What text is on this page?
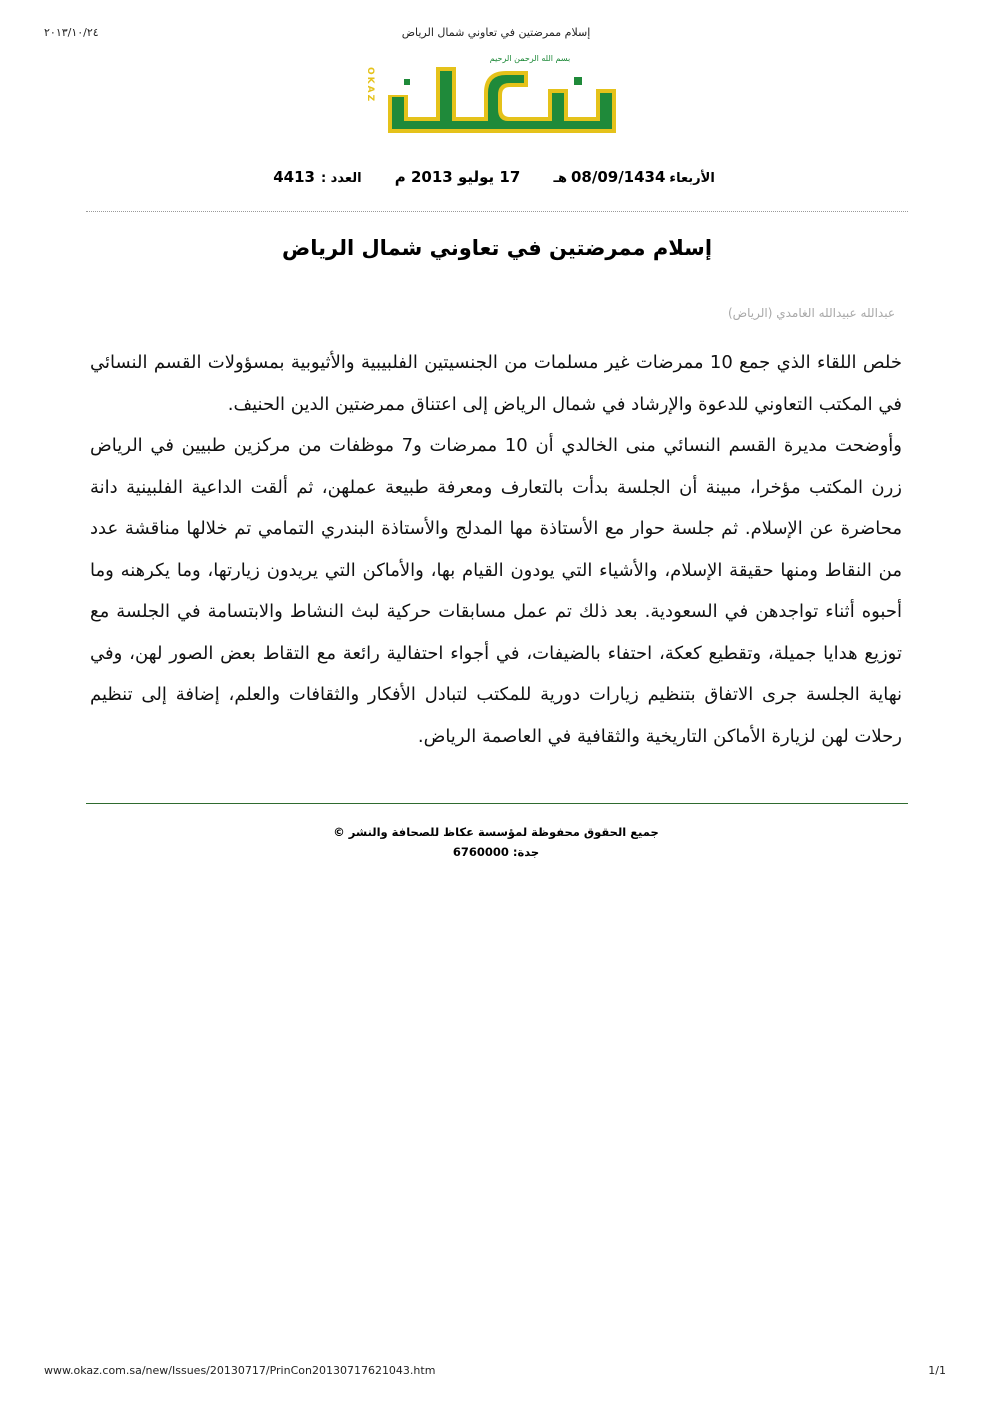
٢٠١٣/١٠/٢٤	إسلام ممرضتين في تعاوني شمال الرياض
OKAZ
بسم الله الرحمن الرحيم
الأربعاء08/09/1434هـ 17 يوليو 2013 م العدد :4413
إسلام ممرضتين في تعاوني شمال الرياض
عبدالله عبيدالله الغامدي (الرياض)

خلص اللقاء الذي جمع 10 ممرضات غير مسلمات من الجنسيتين الفلبيبية والأثيوبية بمسؤولات القسم النسائي في المكتب التعاوني للدعوة والإرشاد في شمال الرياض إلى اعتناق ممرضتين الدين الحنيف.

وأوضحت مديرة القسم النسائي منى الخالدي أن 10 ممرضات و7 موظفات من مركزين طبيين في الرياض زرن المكتب مؤخرا، مبينة أن الجلسة بدأت بالتعارف ومعرفة طبيعة عملهن، ثم ألقت الداعية الفلبينية دانة محاضرة عن الإسلام. ثم جلسة حوار مع الأستاذة مها المدلج والأستاذة البندري التمامي تم خلالها مناقشة عدد من النقاط ومنها حقيقة الإسلام، والأشياء التي يودون القيام بها، والأماكن التي يريدون زيارتها، وما يكرهنه وما أحبوه أثناء تواجدهن في السعودية. بعد ذلك تم عمل مسابقات حركية لبث النشاط والابتسامة في الجلسة مع توزيع هدايا جميلة، وتقطيع كعكة، احتفاء بالضيفات، في أجواء احتفالية رائعة مع التقاط بعض الصور لهن، وفي نهاية الجلسة جرى الاتفاق بتنظيم زيارات دورية للمكتب لتبادل الأفكار والثقافات والعلم، إضافة إلى تنظيم رحلات لهن لزيارة الأماكن التاريخية والثقافية في العاصمة الرياض.

جميع الحقوق محفوظة لمؤسسة عكاظ للصحافة والنشر ©
جدة: 6760000
www.okaz.com.sa/new/Issues/20130717/PrinCon20130717621043.htm	1/1
